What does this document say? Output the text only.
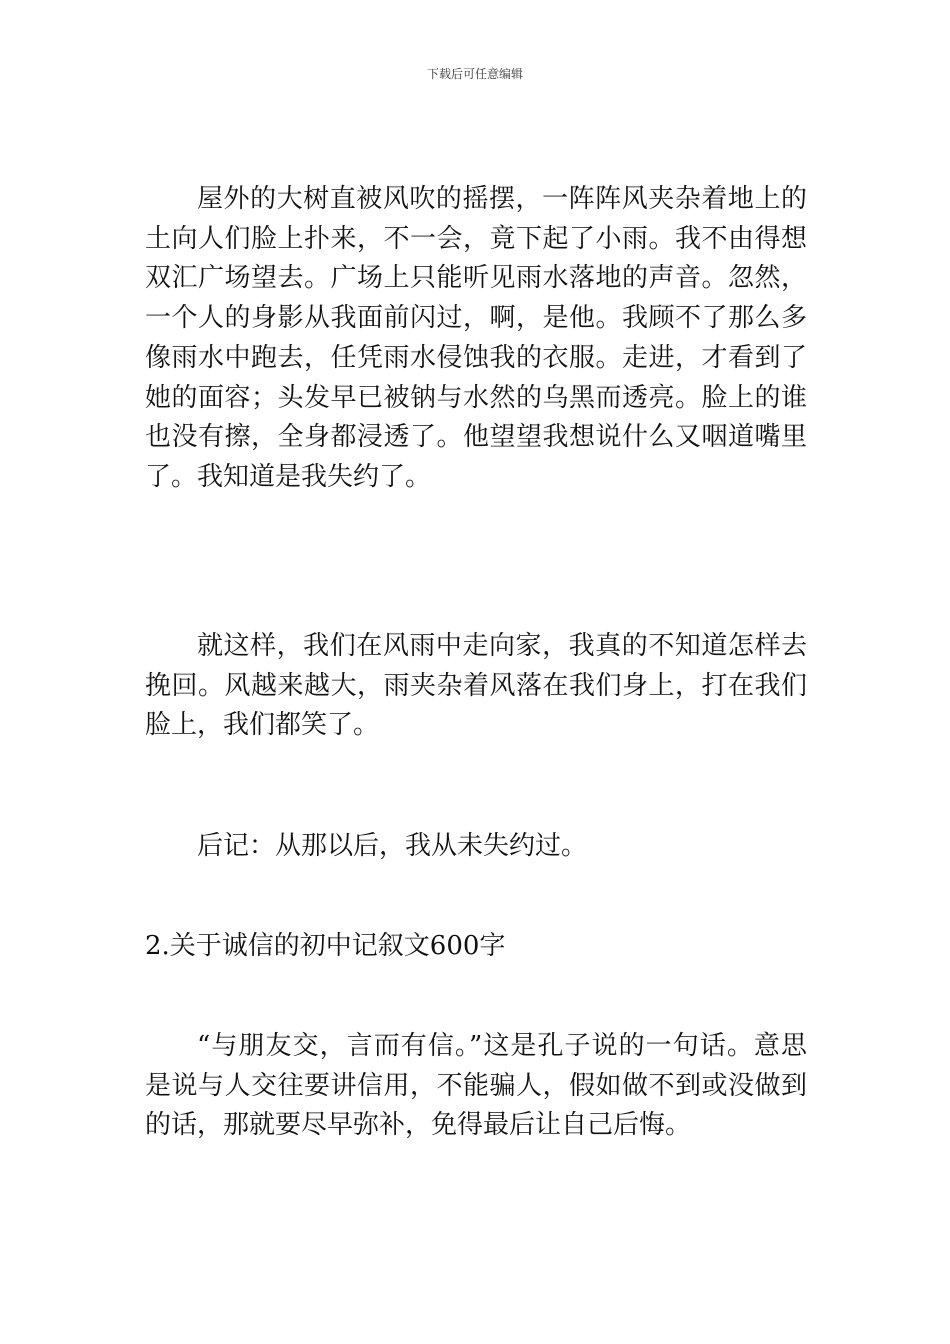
下载后可任意编辑

屋外的大树直被风吹的摇摆，一阵阵风夹杂着地上的土向人们脸上扑来，不一会，竟下起了小雨。我不由得想双汇广场望去。广场上只能听见雨水落地的声音。忽然，一个人的身影从我面前闪过，啊，是他。我顾不了那么多像雨水中跑去，任凭雨水侵蚀我的衣服。走进，才看到了她的面容；头发早已被钠与水然的乌黑而透亮。脸上的谁也没有擦，全身都浸透了。他望望我想说什么又咽道嘴里了。我知道是我失约了。

就这样，我们在风雨中走向家，我真的不知道怎样去挽回。风越来越大，雨夹杂着风落在我们身上，打在我们脸上，我们都笑了。

后记：从那以后，我从未失约过。

2.关于诚信的初中记叙文600字

“与朋友交，言而有信。”这是孔子说的一句话。意思是说与人交往要讲信用，不能骗人，假如做不到或没做到的话，那就要尽早弥补，免得最后让自己后悔。
